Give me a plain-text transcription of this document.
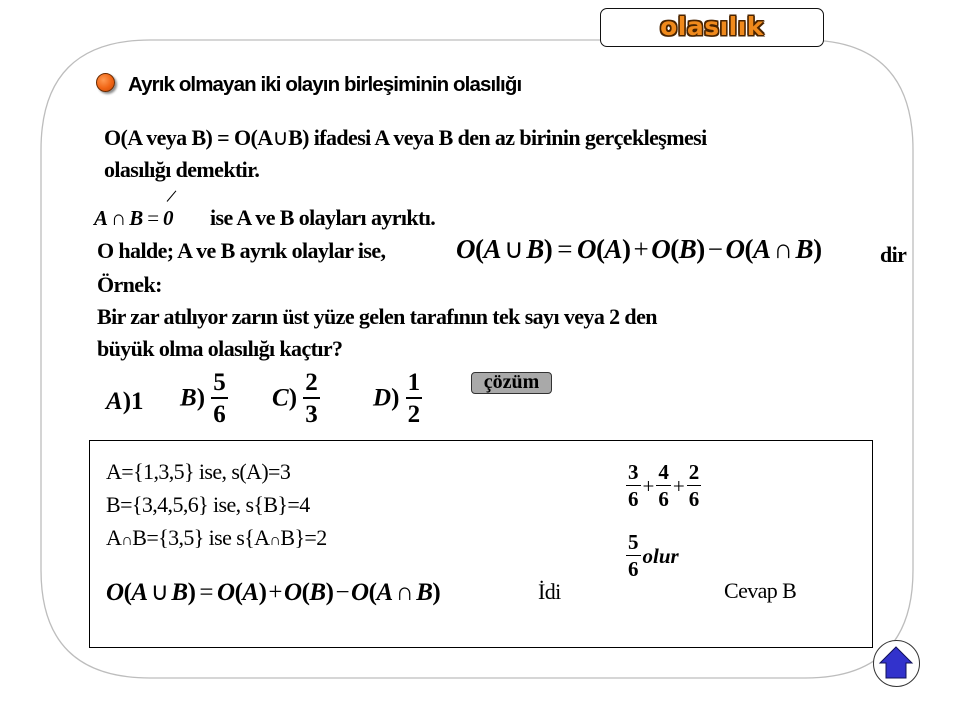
olasılık
Ayrık olmayan iki olayın birleşiminin olasılığı
O(A veya B) = O(A∪B) ifadesi A veya B den az birinin gerçekleşmesi
olasılığı demektir.
A ∩ B = 0 ise A ve B olayları ayrıktı.
O halde; A ve B ayrık olaylar ise,	O(A ∪ B) = O(A) + O(B) − O(A ∩ B)	dir
Örnek:
Bir zar atılıyor zarın üst yüze gelen tarafının tek sayı veya 2 den
büyük olma olasılığı kaçtır?
A)1 $B) \frac{5}{6} C) \frac{2}{3} D) \frac{1}{2}$	çözüm
A={1,3,5} ise, s(A)=3
B={3,4,5,6} ise, s{B}=4
A∩B={3,5} ise s{A∩B}=2
O(A ∪ B) = O(A)+O(B)−O(A ∩ B)	İdi
$\frac{3}{6} + \frac{4}{6} + \frac{2}{6}$
$\frac{5}{6}$ olur
Cevap B
